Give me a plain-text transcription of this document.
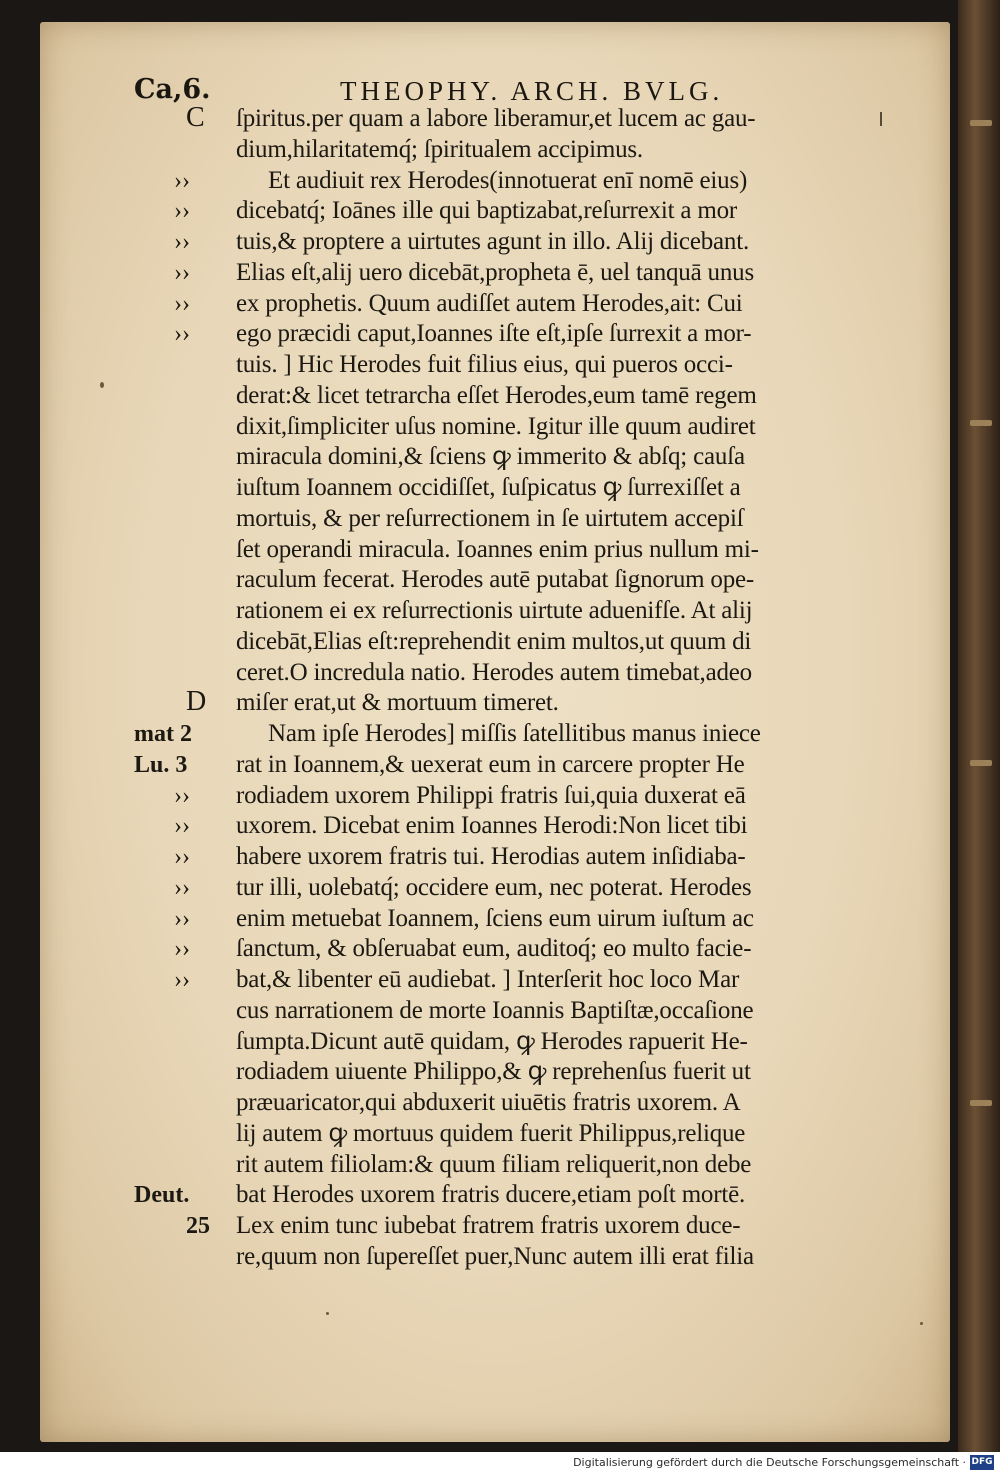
Ca,6.	THEOPHY. ARCH. BVLG.
C
››
››
››
››
››
››
D
mat 2
Lu. 3
››
››
››
››
››
››
››
Deut.
25
ſpiritus.per quam a labore liberamur,et lucem ac gau-
dium,hilaritatemq́; ſpiritualem accipimus.
Et audiuit rex Herodes(innotuerat enī nomē eius)
dicebatq́; Ioānes ille qui baptizabat,reſurrexit a mor
tuis,& proptere a uirtutes agunt in illo. Alij dicebant.
Elias eſt,alij uero dicebāt,propheta ē, uel tanquā unus
ex prophetis. Quum audiſſet autem Herodes,ait: Cui
ego præcidi caput,Ioannes iſte eſt,ipſe ſurrexit a mor-
tuis. ] Hic Herodes fuit filius eius, qui pueros occi-
derat:& licet tetrarcha eſſet Herodes,eum tamē regem
dixit,ſimpliciter uſus nomine. Igitur ille quum audiret
miracula domini,& ſciens ꝙ immerito & abſq; cauſa
iuſtum Ioannem occidiſſet, ſuſpicatus ꝙ ſurrexiſſet a
mortuis, & per reſurrectionem in ſe uirtutem accepiſ
ſet operandi miracula. Ioannes enim prius nullum mi-
raculum fecerat. Herodes autē putabat ſignorum ope-
rationem ei ex reſurrectionis uirtute aduenifſe. At alij
dicebāt,Elias eſt:reprehendit enim multos,ut quum di
ceret.O incredula natio. Herodes autem timebat,adeo
miſer erat,ut & mortuum timeret.
Nam ipſe Herodes] miſſis ſatellitibus manus iniece
rat in Ioannem,& uexerat eum in carcere propter He
rodiadem uxorem Philippi fratris ſui,quia duxerat eā
uxorem. Dicebat enim Ioannes Herodi:Non licet tibi
habere uxorem fratris tui. Herodias autem inſidiaba-
tur illi, uolebatq́; occidere eum, nec poterat. Herodes
enim metuebat Ioannem, ſciens eum uirum iuſtum ac
ſanctum, & obſeruabat eum, auditoq́; eo multo facie-
bat,& libenter eū audiebat. ] Interſerit hoc loco Mar
cus narrationem de morte Ioannis Baptiſtæ,occaſione
ſumpta.Dicunt autē quidam, ꝙ Herodes rapuerit He-
rodiadem uiuente Philippo,& ꝙ reprehenſus fuerit ut
præuaricator,qui abduxerit uiuētis fratris uxorem. A
lij autem ꝙ mortuus quidem fuerit Philippus,relique
rit autem filiolam:& quum filiam reliquerit,non debe
bat Herodes uxorem fratris ducere,etiam poſt mortē.
Lex enim tunc iubebat fratrem fratris uxorem duce-
re,quum non ſupereſſet puer,Nunc autem illi erat filia
Digitalisierung gefördert durch die Deutsche Forschungsgemeinschaft · DFG
